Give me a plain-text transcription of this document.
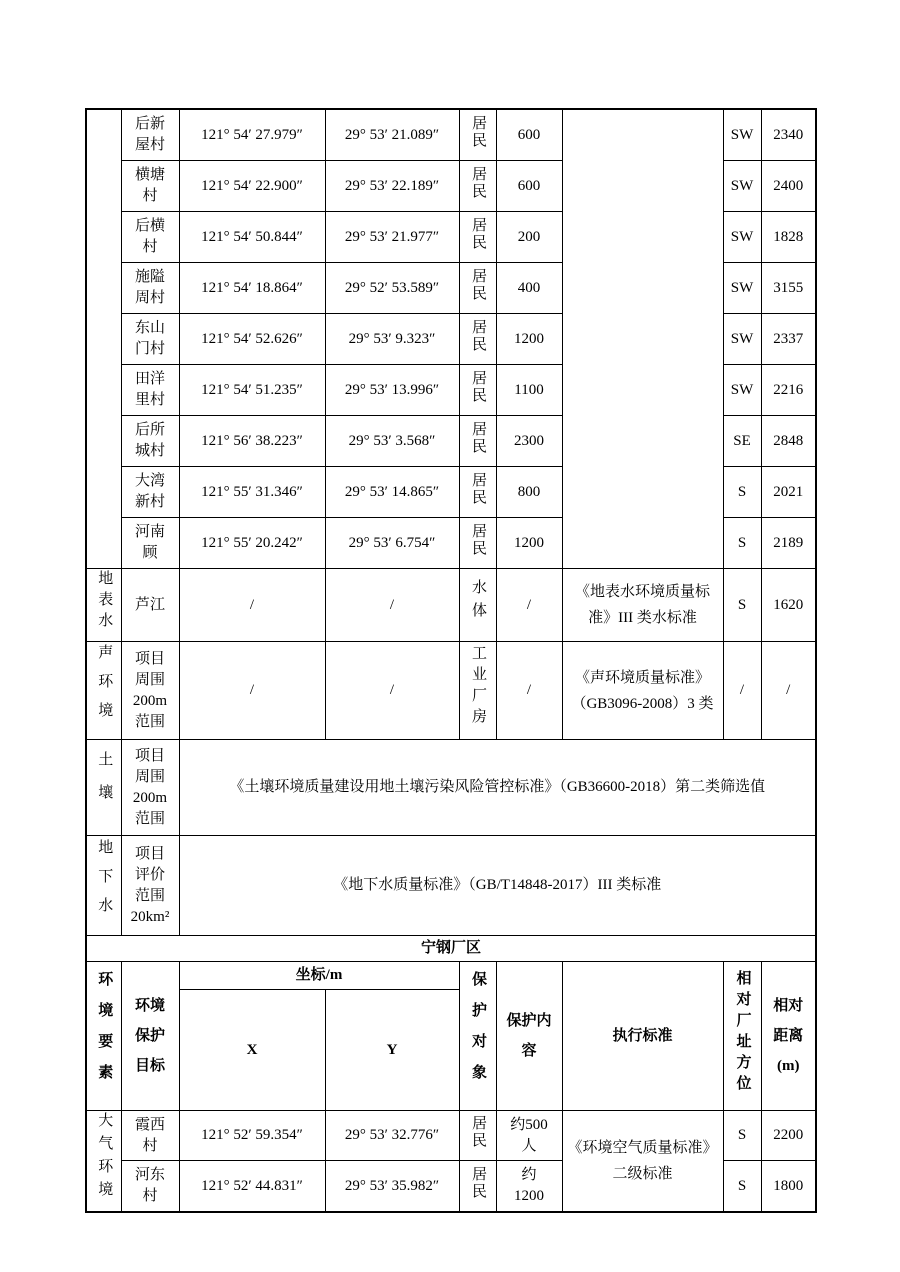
	后新屋村	121° 54′ 27.979″	29° 53′ 21.089″	居民	600		SW	2340
	横塘村	121° 54′ 22.900″	29° 53′ 22.189″	居民	600		SW	2400
	后横村	121° 54′ 50.844″	29° 53′ 21.977″	居民	200		SW	1828
	施隘周村	121° 54′ 18.864″	29° 52′ 53.589″	居民	400		SW	3155
	东山门村	121° 54′ 52.626″	29° 53′ 9.323″	居民	1200		SW	2337
	田洋里村	121° 54′ 51.235″	29° 53′ 13.996″	居民	1100		SW	2216
	后所城村	121° 56′ 38.223″	29° 53′ 3.568″	居民	2300		SE	2848
	大湾新村	121° 55′ 31.346″	29° 53′ 14.865″	居民	800		S	2021
	河南顾	121° 55′ 20.242″	29° 53′ 6.754″	居民	1200		S	2189
地表水	芦江	/	/	水体	/	《地表水环境质量标准》III 类水标准	S	1620
声环境	项目周围200m范围	/	/	工业厂房	/	《声环境质量标准》（GB3096-2008）3 类	/	/
土壤	项目周围200m范围	《土壤环境质量建设用地土壤污染风险管控标准》（GB36600-2018）第二类筛选值						
地下水	项目评价范围20km²	《地下水质量标准》（GB/T14848-2017）III 类标准						
宁钢厂区								
环境要素	环境保护目标	坐标/m		保护对象	保护内容	执行标准	相对厂址方位	相对距离(m)
		X	Y					
大气环境	霞西村	121° 52′ 59.354″	29° 53′ 32.776″	居民	约500人	《环境空气质量标准》二级标准	S	2200
	河东村	121° 52′ 44.831″	29° 53′ 35.982″	居民	约1200		S	1800
